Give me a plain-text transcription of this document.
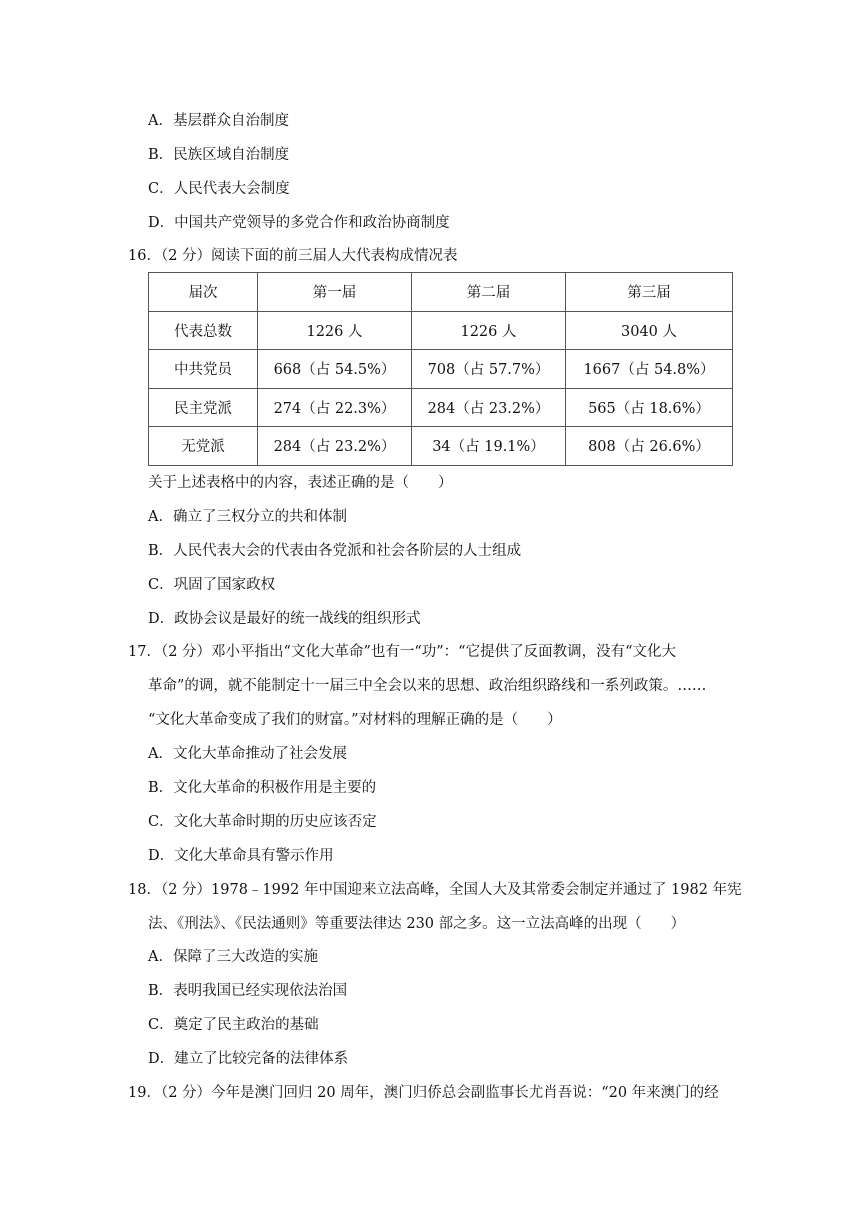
A．基层群众自治制度
B．民族区域自治制度
C．人民代表大会制度
D．中国共产党领导的多党合作和政治协商制度
16．（2 分）阅读下面的前三届人大代表构成情况表
届次	第一届	第二届	第三届
代表总数	1226 人	1226 人	3040 人
中共党员	668（占 54.5%）	708（占 57.7%）	1667（占 54.8%）
民主党派	274（占 22.3%）	284（占 23.2%）	565（占 18.6%）
无党派	284（占 23.2%）	34（占 19.1%）	808（占 26.6%）
关于上述表格中的内容，表述正确的是（　　）
A．确立了三权分立的共和体制
B．人民代表大会的代表由各党派和社会各阶层的人士组成
C．巩固了国家政权
D．政协会议是最好的统一战线的组织形式
17．（2 分）邓小平指出“文化大革命”也有一“功”：“它提供了反面教调，没有“文化大
革命”的调，就不能制定十一届三中全会以来的思想、政治组织路线和一系列政策。……
“文化大革命变成了我们的财富。”对材料的理解正确的是（　　）
A．文化大革命推动了社会发展
B．文化大革命的积极作用是主要的
C．文化大革命时期的历史应该否定
D．文化大革命具有警示作用
18．（2 分）1978﹣1992 年中国迎来立法高峰，全国人大及其常委会制定并通过了 1982 年宪
法、《刑法》、《民法通则》等重要法律达 230 部之多。这一立法高峰的出现（　　）
A．保障了三大改造的实施
B．表明我国已经实现依法治国
C．奠定了民主政治的基础
D．建立了比较完备的法律体系
19．（2 分）今年是澳门回归 20 周年，澳门归侨总会副监事长尤肖吾说：“20 年来澳门的经
